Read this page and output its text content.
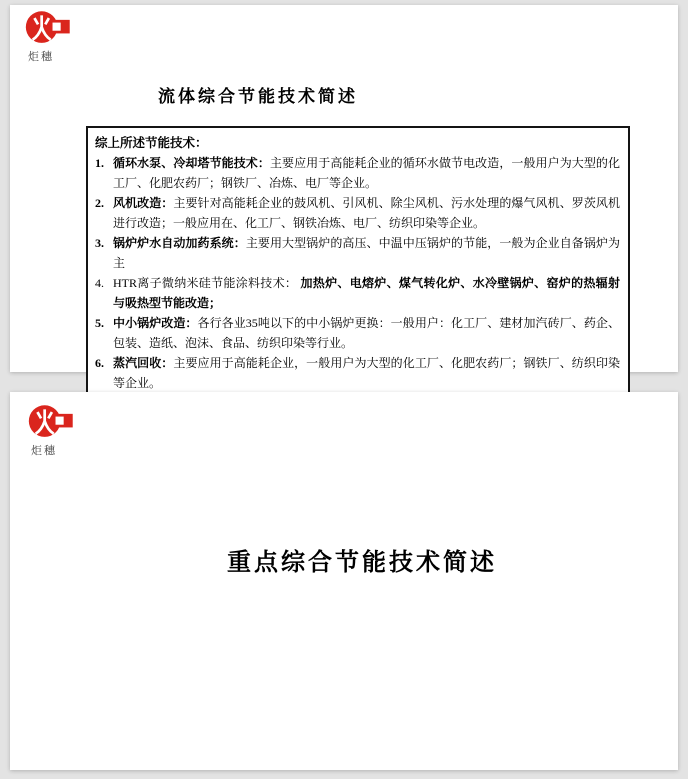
炬穗
流体综合节能技术简述
综上所述节能技术：
1. 循环水泵、冷却塔节能技术：主要应用于高能耗企业的循环水做节电改造，一般用户为大型的化工厂、化肥农药厂；钢铁厂、冶炼、电厂等企业。
2. 风机改造：主要针对高能耗企业的鼓风机、引风机、除尘风机、污水处理的爆气风机、罗茨风机进行改造；一般应用在、化工厂、钢铁冶炼、电厂、纺织印染等企业。
3. 锅炉炉水自动加药系统：主要用大型锅炉的高压、中温中压锅炉的节能，一般为企业自备锅炉为主
4. HTR离子微纳米硅节能涂料技术： 加热炉、电熔炉、煤气转化炉、水冷壁锅炉、窑炉的热辐射与吸热型节能改造；
5. 中小锅炉改造：各行各业35吨以下的中小锅炉更换：一般用户：化工厂、建材加汽砖厂、药企、包装、造纸、泡沫、食品、纺织印染等行业。
6. 蒸汽回收：主要应用于高能耗企业，一般用户为大型的化工厂、化肥农药厂；钢铁厂、纺织印染等企业。
炬穗
重点综合节能技术简述
